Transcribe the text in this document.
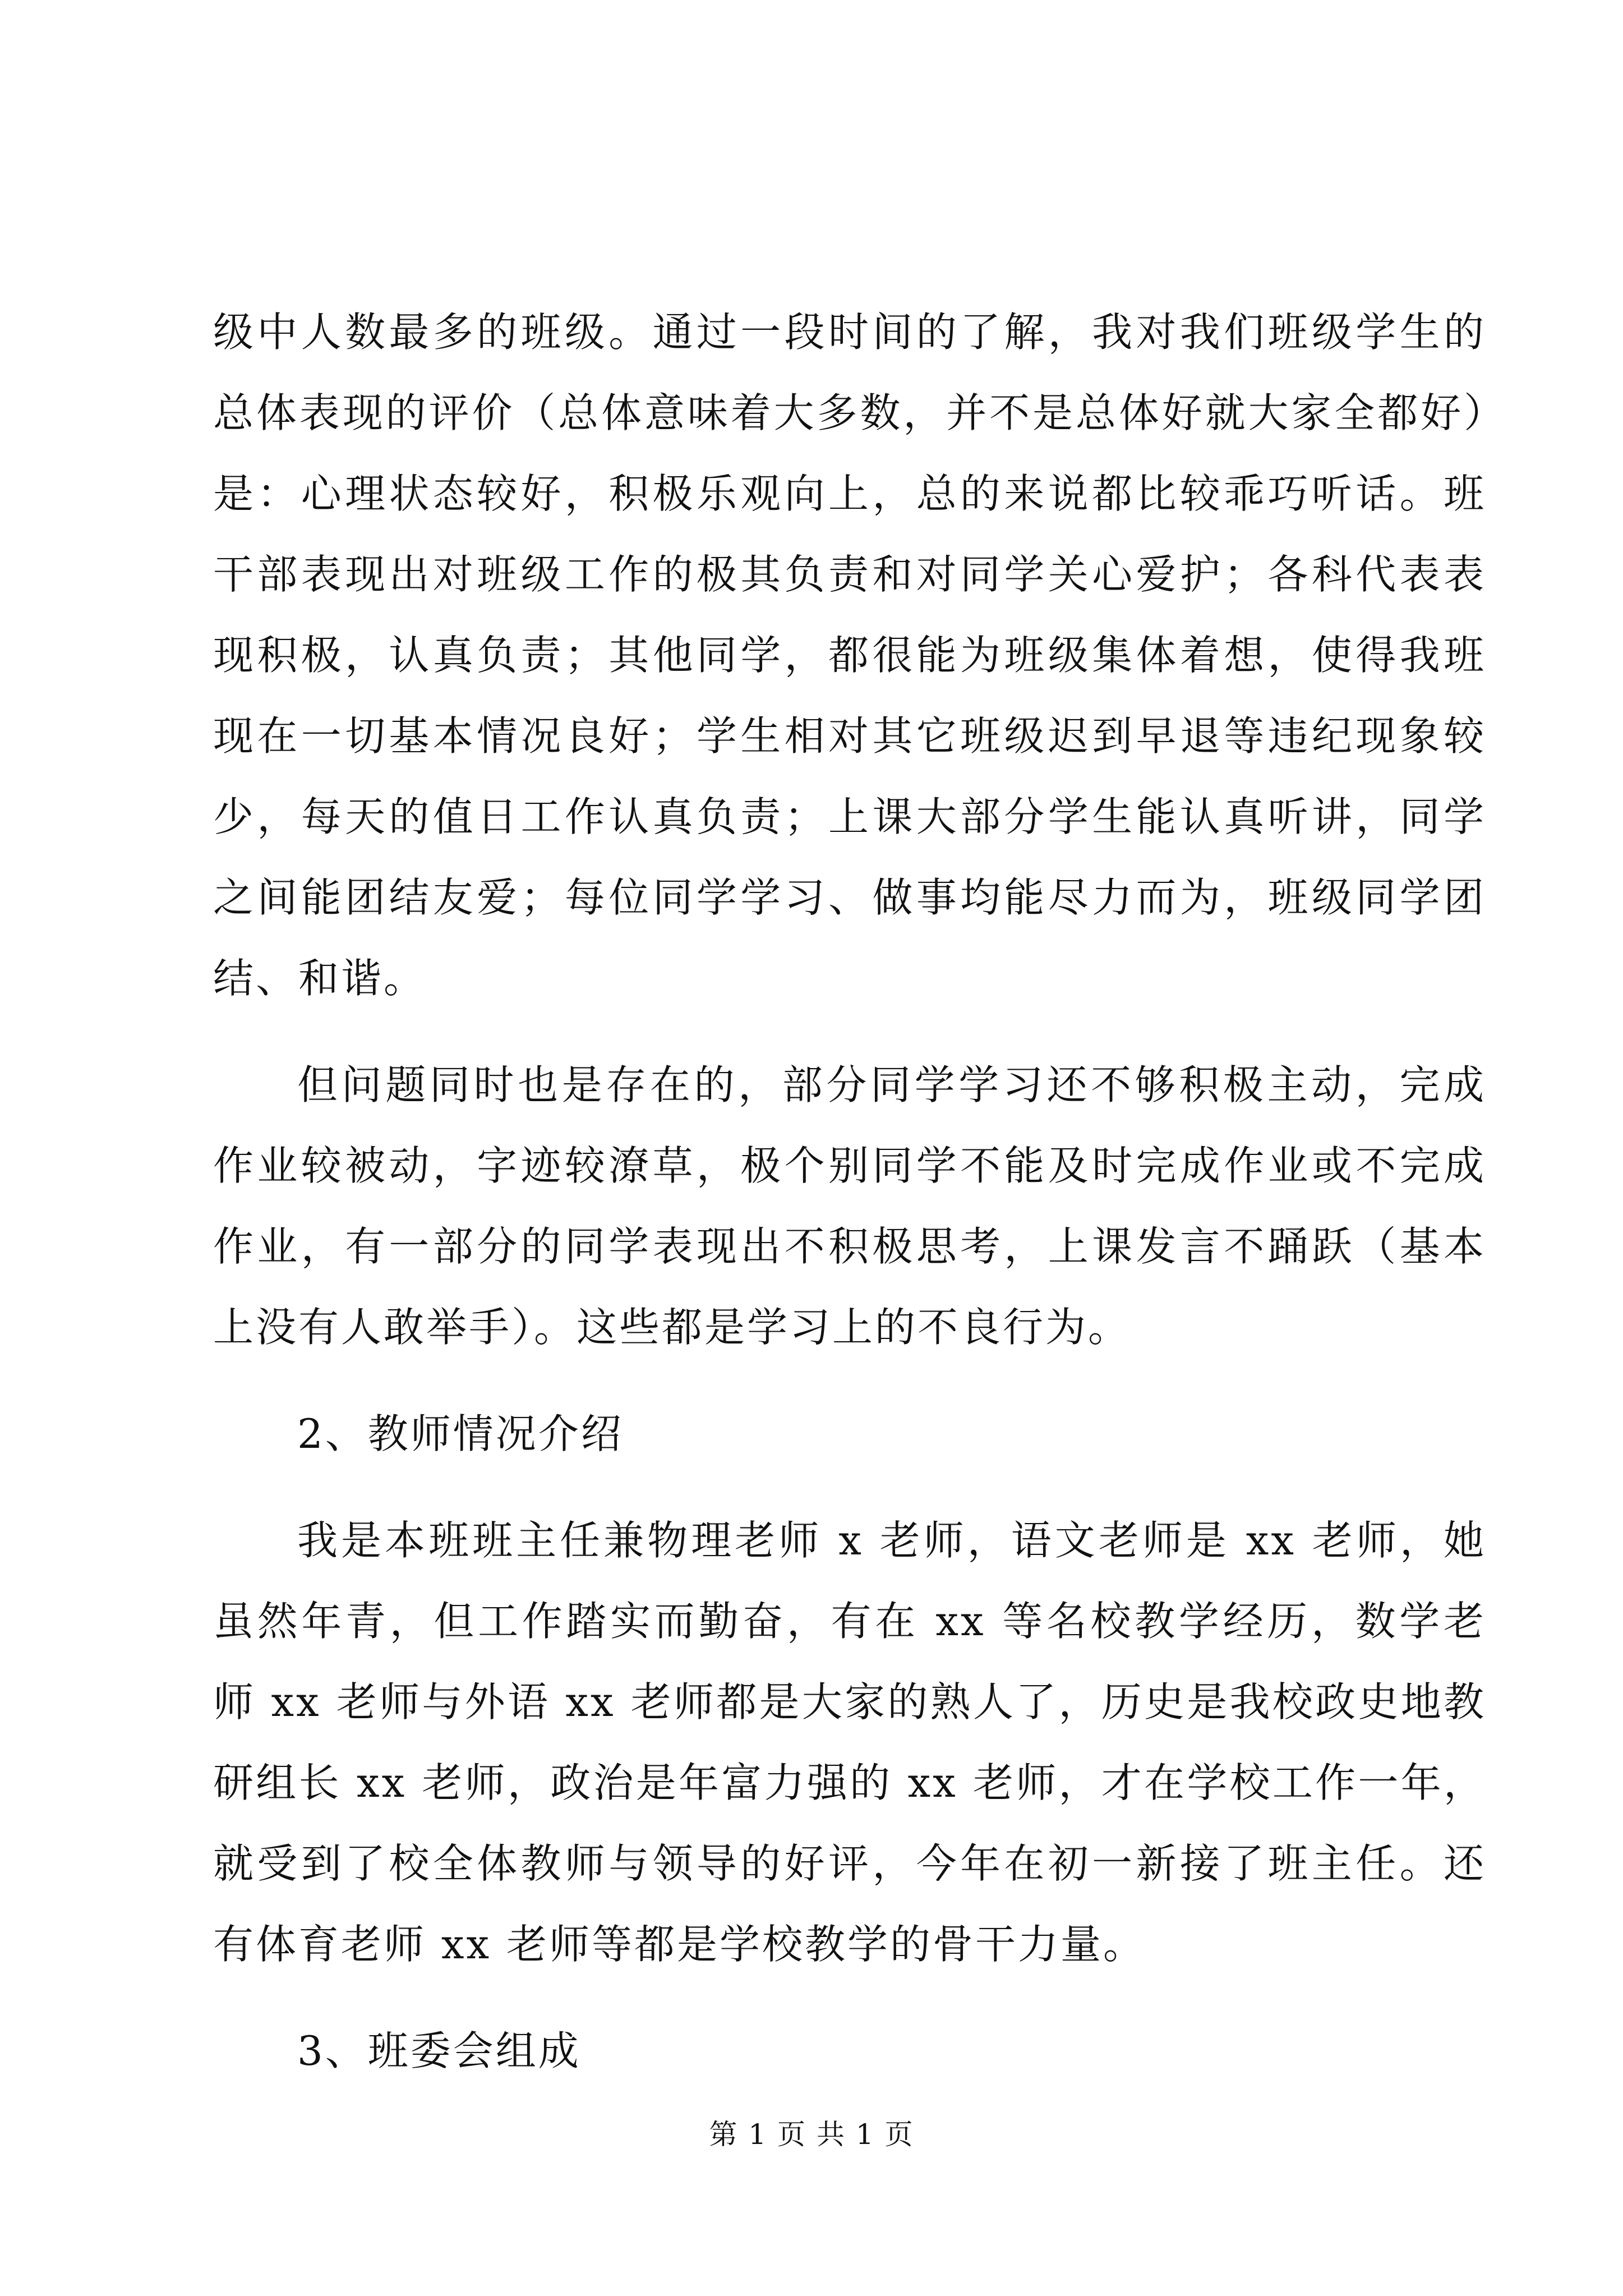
级中人数最多的班级。通过一段时间的了解，我对我们班级学生的总体表现的评价（总体意味着大多数，并不是总体好就大家全都好）是：心理状态较好，积极乐观向上，总的来说都比较乖巧听话。班干部表现出对班级工作的极其负责和对同学关心爱护；各科代表表现积极，认真负责；其他同学，都很能为班级集体着想，使得我班现在一切基本情况良好；学生相对其它班级迟到早退等违纪现象较少，每天的值日工作认真负责；上课大部分学生能认真听讲，同学之间能团结友爱；每位同学学习、做事均能尽力而为，班级同学团结、和谐。

但问题同时也是存在的，部分同学学习还不够积极主动，完成作业较被动，字迹较潦草，极个别同学不能及时完成作业或不完成作业，有一部分的同学表现出不积极思考，上课发言不踊跃（基本上没有人敢举手）。这些都是学习上的不良行为。

2、教师情况介绍

我是本班班主任兼物理老师 x 老师，语文老师是 xx 老师，她虽然年青，但工作踏实而勤奋，有在 xx 等名校教学经历，数学老师 xx 老师与外语 xx 老师都是大家的熟人了，历史是我校政史地教研组长 xx 老师，政治是年富力强的 xx 老师，才在学校工作一年，就受到了校全体教师与领导的好评，今年在初一新接了班主任。还有体育老师 xx 老师等都是学校教学的骨干力量。

3、班委会组成

第 1 页 共 1 页
